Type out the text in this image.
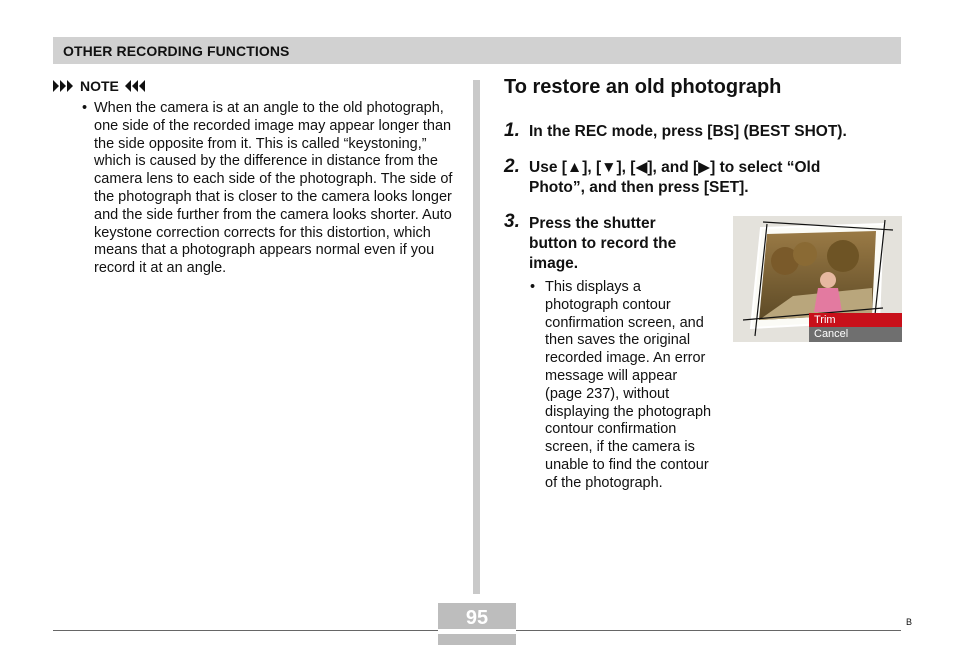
OTHER RECORDING FUNCTIONS
NOTE
• When the camera is at an angle to the old photograph, one side of the recorded image may appear longer than the side opposite from it. This is called “keystoning,” which is caused by the difference in distance from the camera lens to each side of the photograph. The side of the photograph that is closer to the camera looks longer and the side further from the camera looks shorter. Auto keystone correction corrects for this distortion, which means that a photograph appears normal even if you record it at an angle.
To restore an old photograph
1. In the REC mode, press [BS] (BEST SHOT).
2. Use [▲], [▼], [◀], and [▶] to select “Old
Photo”, and then press [SET].
3. Press the shutter
button to record the
image.
• This displays a photograph contour confirmation screen, and then saves the original recorded image. An error message will appear (page 237), without displaying the photograph contour confirmation screen, if the camera is unable to find the contour of the photograph.
Trim
Cancel
95	B
